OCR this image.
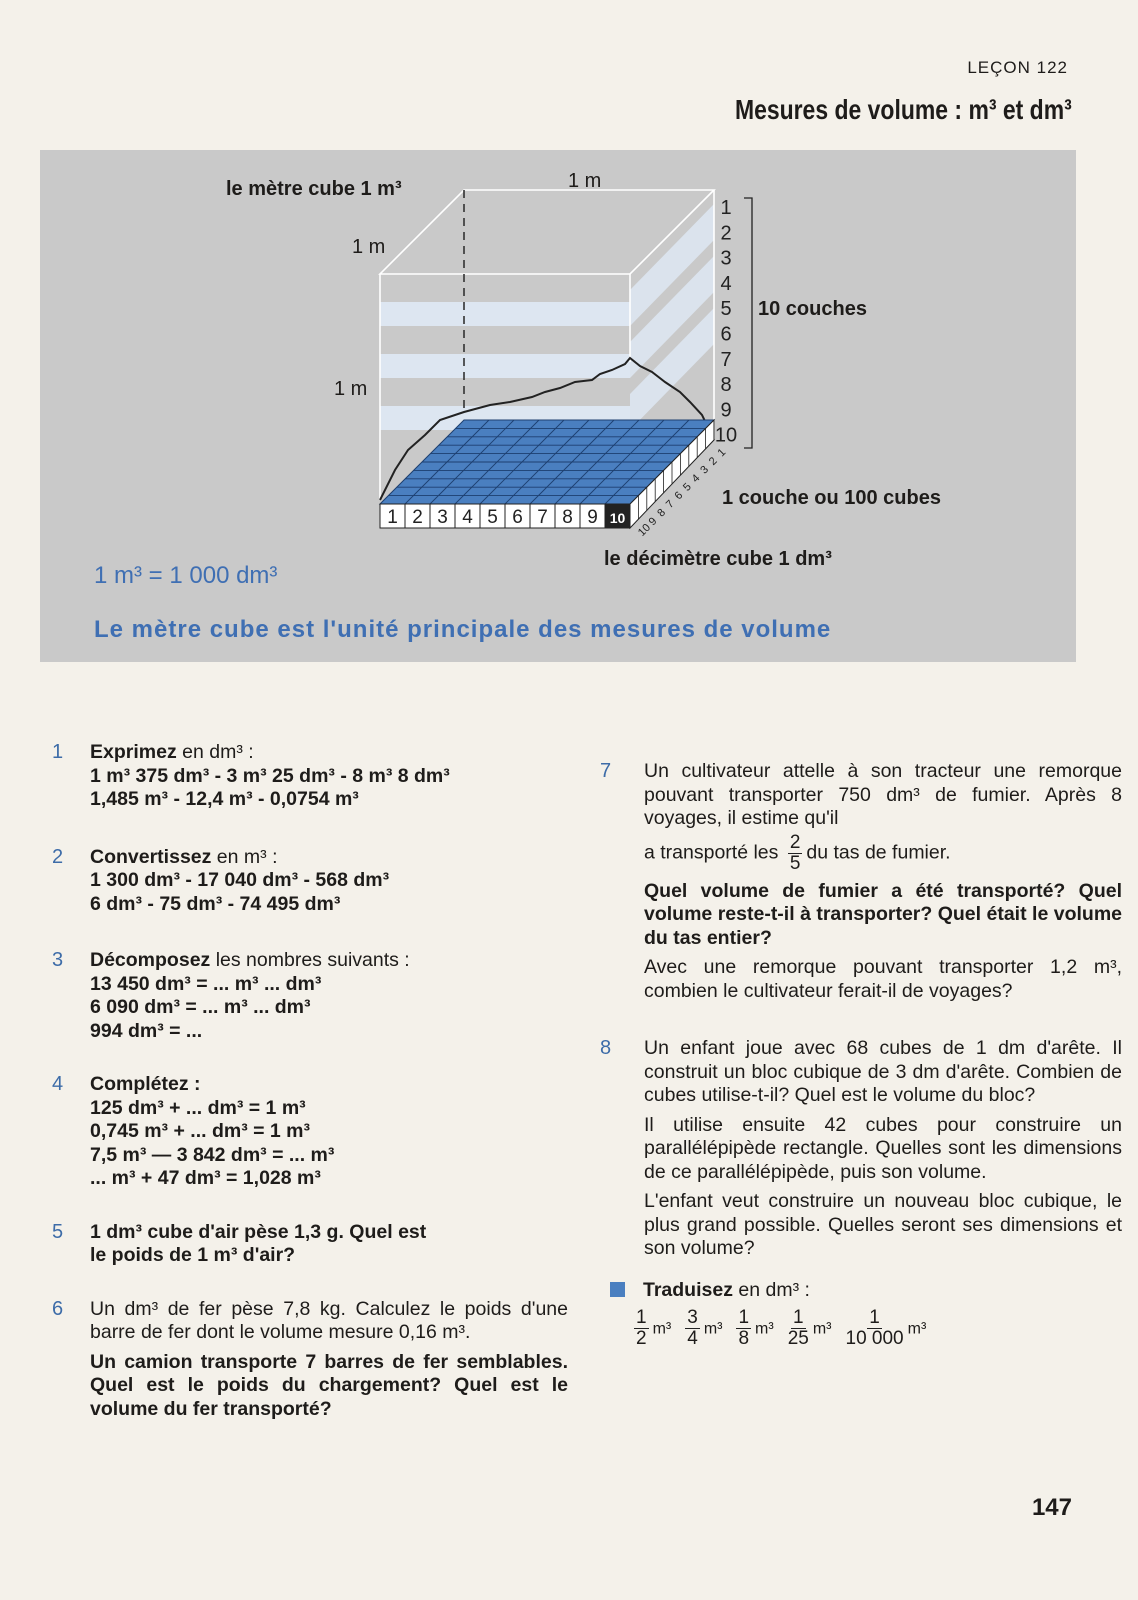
LEÇON 122
Mesures de volume : m³ et dm³
1 2 3 4 5 6 7 8 9 10
1
2
3
4
5
6
7
8
9
10
1
2
3
4
5
6
7
8
9
10
le mètre cube 1 m³	1 m
1 m
1 m
10 couches
1 couche ou 100 cubes
le décimètre cube 1 dm³
1 m³ = 1 000 dm³
Le mètre cube est l'unité principale des mesures de volume
1 Exprimez en dm³ :

1 m³ 375 dm³ - 3 m³ 25 dm³ - 8 m³ 8 dm³

1,485 m³ - 12,4 m³ - 0,0754 m³

2 Convertissez en m³ :

1 300 dm³ - 17 040 dm³ - 568 dm³

6 dm³ - 75 dm³ - 74 495 dm³

3 Décomposez les nombres suivants :

13 450 dm³ = ... m³ ... dm³

6 090 dm³ = ... m³ ... dm³

994 dm³ = ...

4 Complétez :

125 dm³ + ... dm³ = 1 m³

0,745 m³ + ... dm³ = 1 m³

7,5 m³ — 3 842 dm³ = ... m³

... m³ + 47 dm³ = 1,028 m³

5 1 dm³ cube d'air pèse 1,3 g. Quel est

le poids de 1 m³ d'air?

6 Un dm³ de fer pèse 7,8 kg. Calculez le poids d'une barre de fer dont le volume mesure 0,16 m³.

Un camion transporte 7 barres de fer semblables. Quel est le poids du chargement? Quel est le volume du fer transporté?

7 Un cultivateur attelle à son tracteur une remorque pouvant transporter 750 dm³ de fumier. Après 8 voyages, il estime qu'il

a transporté les $\frac{2}{5}$ du tas de fumier.

Quel volume de fumier a été transporté? Quel volume reste-t-il à transporter? Quel était le volume du tas entier?

Avec une remorque pouvant transporter 1,2 m³, combien le cultivateur ferait-il de voyages?

8 Un enfant joue avec 68 cubes de 1 dm d'arête. Il construit un bloc cubique de 3 dm d'arête. Combien de cubes utilise-t-il? Quel est le volume du bloc?

Il utilise ensuite 42 cubes pour construire un parallélépipède rectangle. Quelles sont les dimensions de ce parallélépipède, puis son volume.

L'enfant veut construire un nouveau bloc cubique, le plus grand possible. Quelles seront ses dimensions et son volume?

Traduisez en dm³ :

$\frac{1}{2} m^3 \frac{3}{4} m^3 \frac{1}{8} m^3 \frac{1}{25} m^3 \frac{1}{10 000} m^3$

147
